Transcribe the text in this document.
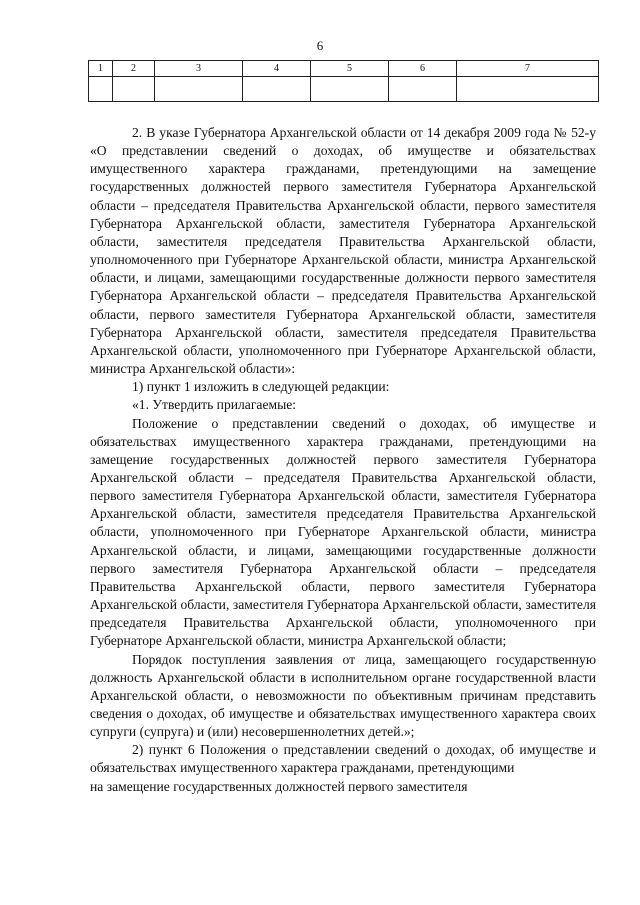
6
1	2	3	4	5	6	7

2. В указе Губернатора Архангельской области от 14 декабря 2009 года № 52-у «О представлении сведений о доходах, об имуществе и обязательствах имущественного характера гражданами, претендующими на замещение государственных должностей первого заместителя Губернатора Архангельской области – председателя Правительства Архангельской области, первого заместителя Губернатора Архангельской области, заместителя Губернатора Архангельской области, заместителя председателя Правительства Архангельской области, уполномоченного при Губернаторе Архангельской области, министра Архангельской области, и лицами, замещающими государственные должности первого заместителя Губернатора Архангельской области – председателя Правительства Архангельской области, первого заместителя Губернатора Архангельской области, заместителя Губернатора Архангельской области, заместителя председателя Правительства Архангельской области, уполномоченного при Губернаторе Архангельской области, министра Архангельской области»:

1) пункт 1 изложить в следующей редакции:

«1. Утвердить прилагаемые:

Положение о представлении сведений о доходах, об имуществе и обязательствах имущественного характера гражданами, претендующими на замещение государственных должностей первого заместителя Губернатора Архангельской области – председателя Правительства Архангельской области, первого заместителя Губернатора Архангельской области, заместителя Губернатора Архангельской области, заместителя председателя Правительства Архангельской области, уполномоченного при Губернаторе Архангельской области, министра Архангельской области, и лицами, замещающими государственные должности первого заместителя Губернатора Архангельской области – председателя Правительства Архангельской области, первого заместителя Губернатора Архангельской области, заместителя Губернатора Архангельской области, заместителя председателя Правительства Архангельской области, уполномоченного при Губернаторе Архангельской области, министра Архангельской области;

Порядок поступления заявления от лица, замещающего государственную должность Архангельской области в исполнительном органе государственной власти Архангельской области, о невозможности по объективным причинам представить сведения о доходах, об имуществе и обязательствах имущественного характера своих супруги (супруга) и (или) несовершеннолетних детей.»;

2) пункт 6 Положения о представлении сведений о доходах, об имуществе и обязательствах имущественного характера гражданами, претендующими

на замещение государственных должностей первого заместителя
